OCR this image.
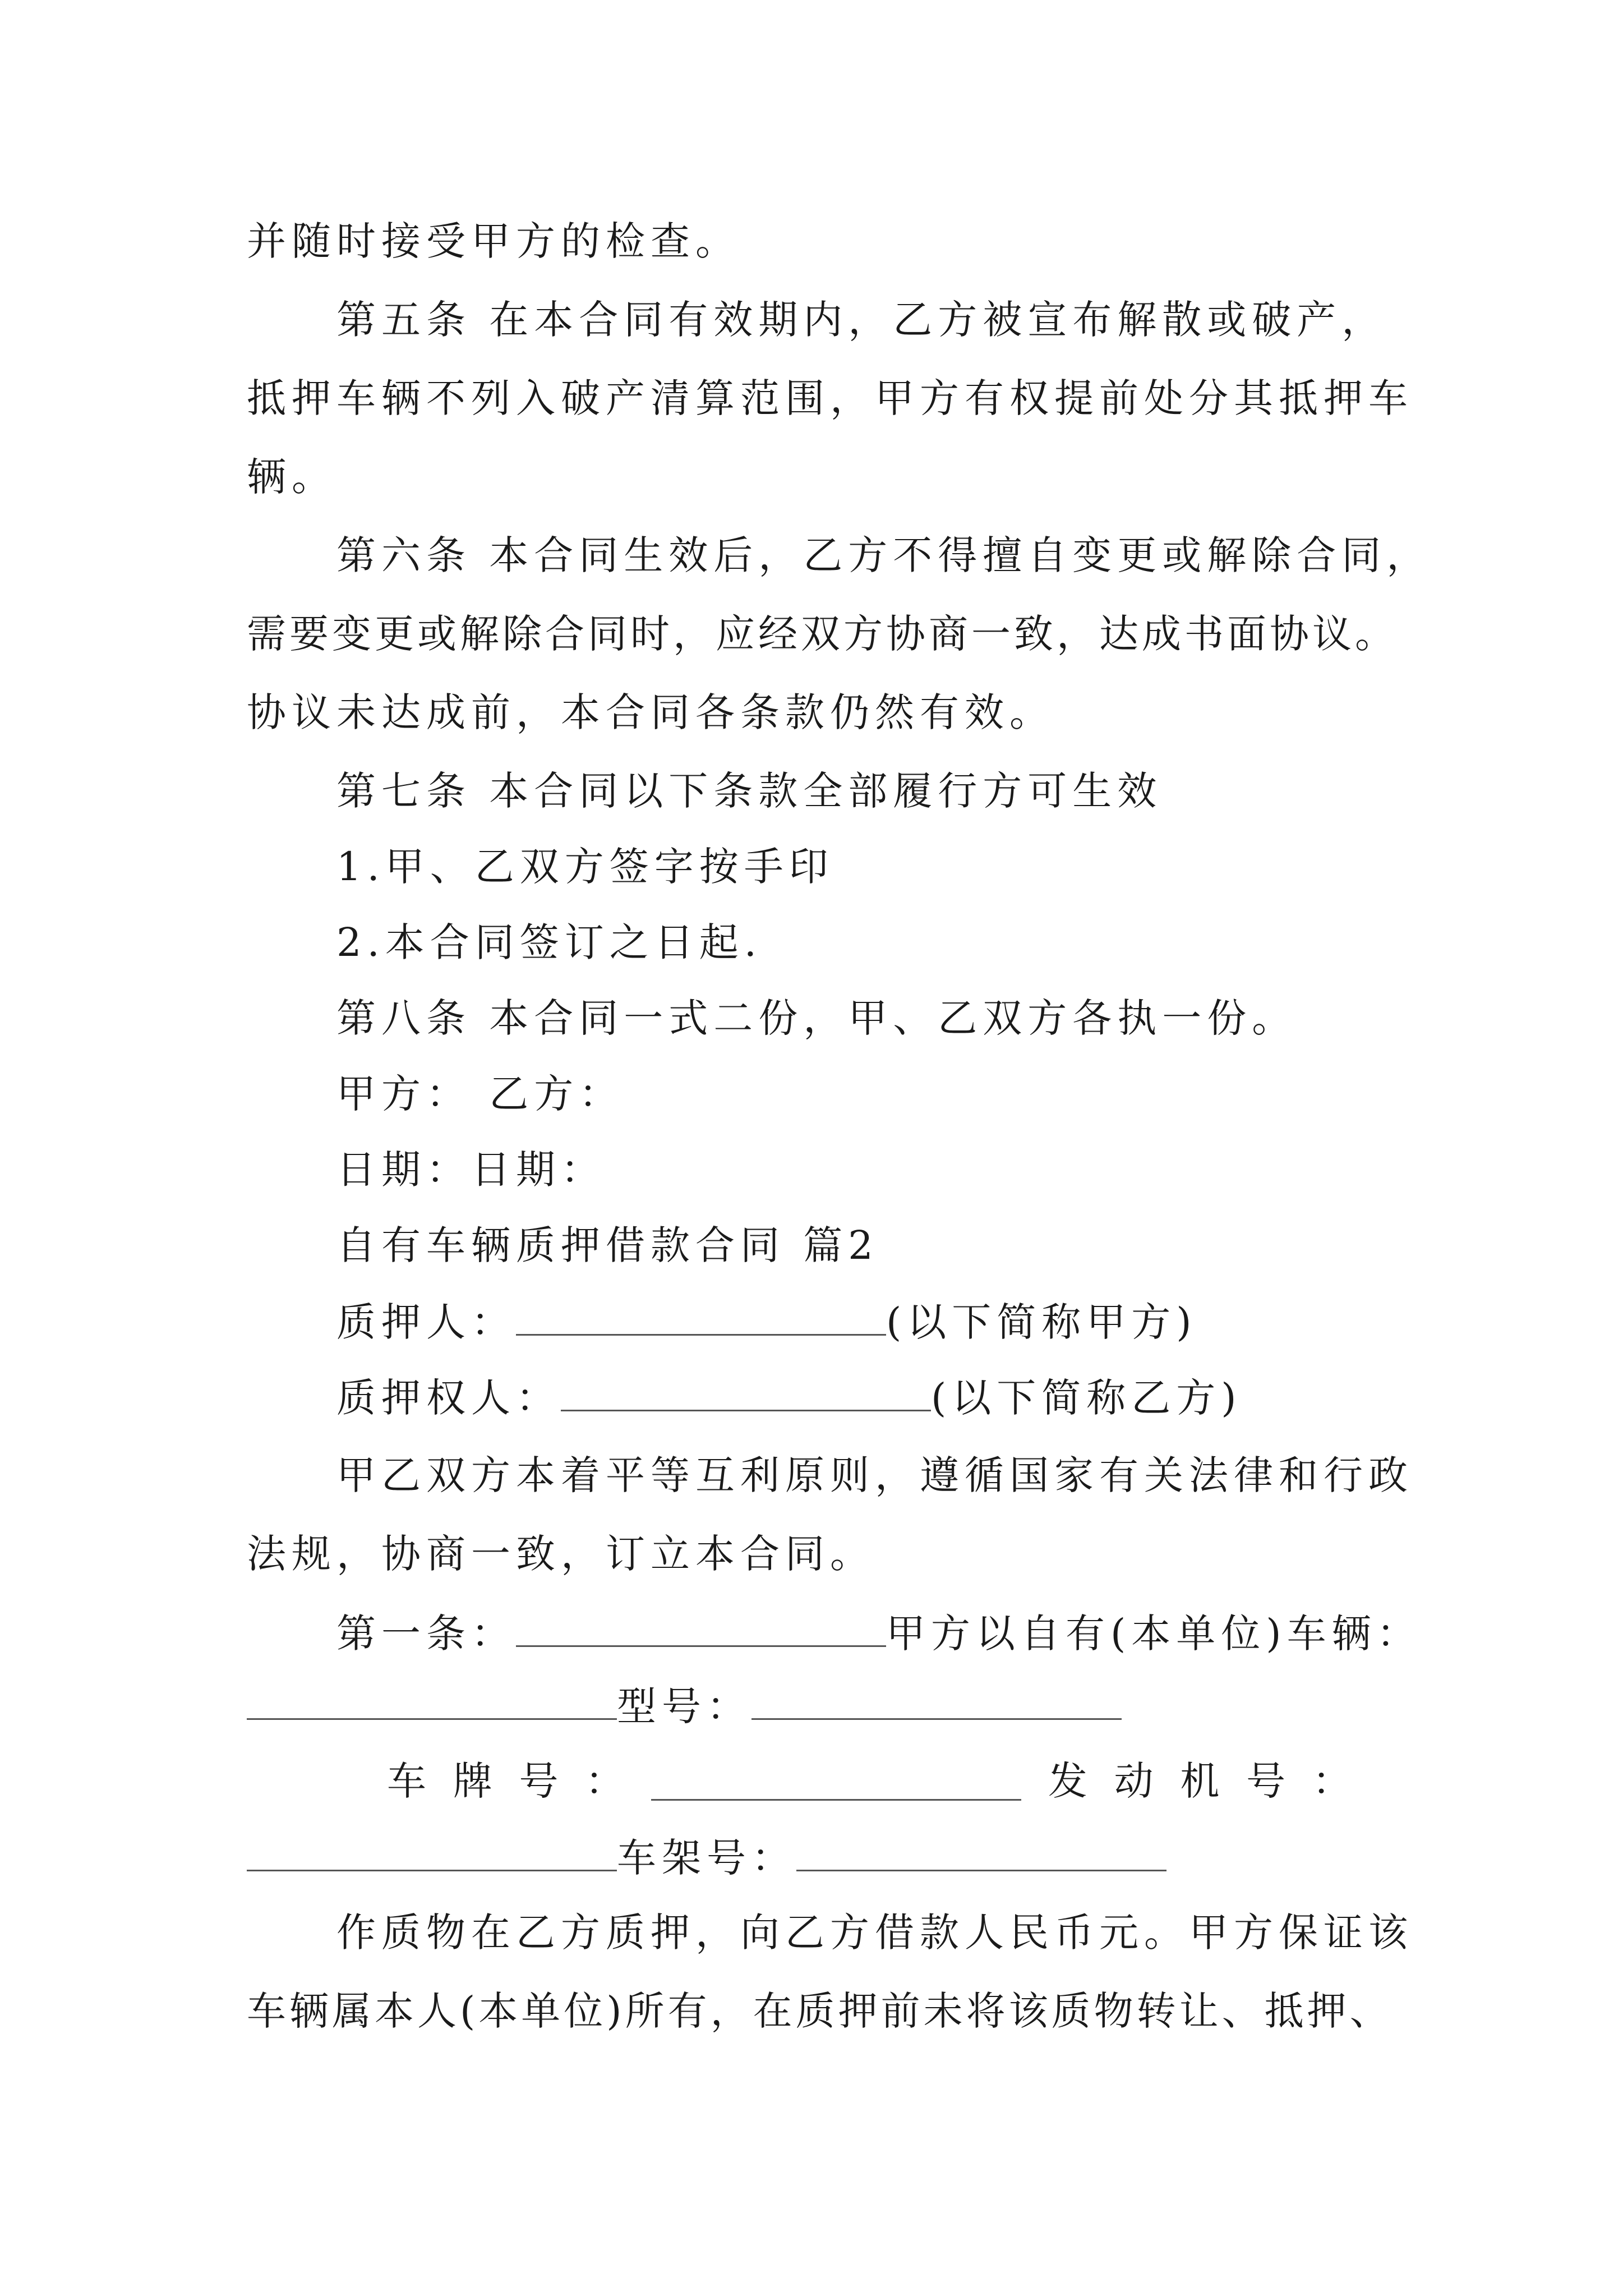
并随时接受甲方的检查。
第五条 在本合同有效期内，乙方被宣布解散或破产，
抵押车辆不列入破产清算范围，甲方有权提前处分其抵押车
辆。
第六条 本合同生效后，乙方不得擅自变更或解除合同，
需要变更或解除合同时，应经双方协商一致，达成书面协议。
协议未达成前，本合同各条款仍然有效。
第七条 本合同以下条款全部履行方可生效
1.甲、乙双方签字按手印
2.本合同签订之日起.
第八条 本合同一式二份，甲、乙双方各执一份。
甲方： 乙方：
日期：日期：
自有车辆质押借款合同 篇2
质押人：	(以下简称甲方)
质押权人：	(以下简称乙方)
甲乙双方本着平等互利原则，遵循国家有关法律和行政
法规，协商一致，订立本合同。
第一条：	甲方以自有(本单位)车辆：
型号：
车 牌 号 ：	发 动 机 号 ：
车架号：
作质物在乙方质押，向乙方借款人民币元。甲方保证该
车辆属本人(本单位)所有，在质押前未将该质物转让、抵押、
